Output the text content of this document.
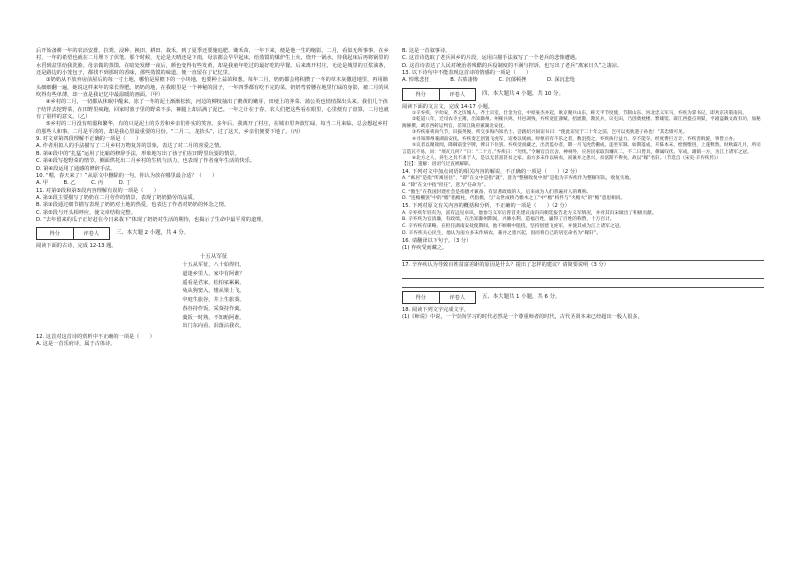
后开始备耕一年的农活安排，拉粪、浸种、换田、耕田、栽禾，到了夏季还要施追肥、锄禾苗，一年下来，便是他一生的缩影。二月，看似无所事事，在乡村，一年的希望也就在二月埋下了伏笔。那个时候，无论是天晴还是下雨，母亲都会早早起床，给蒸馍的煤炉生上火，烧开一锅水，待我起床后再将锅里的水舀到盆里给我洗脸。母亲做的蒸馍，在暗处发酵一夜后，颜色变得有些发黄，却是我童年吃过的最好吃的早餐。后来离开村庄，无论是城里的豆浆油条，还是路边的小笼包子，都找不到那时的香味，那些蒸馍的味道，便一直留在了记忆里。

③奶奶从不放弃房前屋后的每一寸土地，哪怕是屋檐下的一小块地，也要种上蒜苗和葱。每年二月，奶奶都会将积攒了一冬的草木灰撒进地里，再用锄头细细翻一遍，她说这样来年的菜长得肥。奶奶的地，在我眼里是一个神秘的园子，一年四季都有吃不完的菜。奶奶弯着腰在地里忙碌的身影，被二月的风吹得有些单薄，却一直是我记忆中最温暖的画面。（甲）

④乡村的二月，一切都从休眠中醒来。冻了一冬的泥土渐渐松软，河边的柳枝抽出了鹅黄的嫩芽，田埂上的荠菜、蒲公英也悄悄探出头来。我们几个孩子结伴去挖野菜，在田野里疯跑，回家时篮子里的野菜不多，裤腿上却沾满了泥巴。一年之计在于春，农人们把这些看在眼里，心里便有了盘算，二月也就有了别样的意义。（乙）

⑤乡村的二月没有喧嚣和繁华，有的只是泥土的芬芳和乡亲们朴实的笑容。多年后，我离开了村庄，在城市里奔波忙碌，每当二月来临，总会想起乡村的那些人和事。二月是平淡的，却是我心里最重要的月份。“二月二，龙抬头”，过了这天，乡亲们便要下地了。（丙）

9. 对文章第四段理解不正确的一项是（　　）

A. 作者用拟人的手法描写了二月乡村万物复苏的景象，表达了对二月的喜爱之情。

B. 第④段中的“扎猛”运用了比喻的修辞手法，形象地写出了孩子们在田野里玩耍的情景。

C. 第④段写挖野菜的情节，侧面烘托出二月乡村的生机与活力，也表现了作者童年生活的快乐。

D. 第④段运用了通感的修辞手法。

10. “嗯，春天来了！”从原文中删除的一句，你认为放在哪里最合适？（　　）

A. 甲　　　B. 乙　　　C. 丙　　　D. 丁

11. 对第③段和第⑤段内容理解有误的一项是（　　）

A. 第③段主要描写了奶奶在二月劳作的情景，表现了奶奶勤劳的品质。

B. 第③段通过细节描写表现了奶奶对土地的热爱，也表达了作者对奶奶的怀念之情。

C. 第⑤段与开头相呼应，使文章结构完整。

D. “去年留来的瓜子正好赶在今日来栽下”体现了奶奶对生活的期待，也揭示了生命中最平常的道理。

得分	评卷人	三、本大题 2 小题，共 4 分。

阅读下面的古诗，完成 12-13 题。

十五从军征
十五从军征，八十始得归。
道逢乡里人，家中有阿谁？
遥看是君家，松柏冢累累。
兔从狗窦入，雉从梁上飞。
中庭生旅谷，井上生旅葵。
舂谷持作饭，采葵持作羹。
羹饭一时熟，不知贻阿谁。
出门东向看，泪落沾我衣。

12. 这首对这首诗的赏析中不正确的一项是（　　）

A. 这是一首乐府诗，属于古体诗。

B. 这是一首叙事诗。

C. 这首诗选取了老兵回乡的片段，运用白描手法叙写了一个老兵的悲惨遭遇。

D. 这首诗表达了人民对统治者残酷的兵役制度的不满与控诉，也写出了老兵“离家日久”之凄凉。

13. 以下诗句中不能表现这首诗的情感的一项是（　　）

A. 悼歌悲狂　　　　B. 古墓凄惨　　　　C. 沉郁顿挫　　　　D. 深沉悲怆

得分	评卷人	四、本大题共 4 小题，共 10 分。

阅读下面的文言文，完成 14-17 小题。

①辛弃疾，字幼安，齐之历城人。齐土宗室，仕金为官，中原豪杰并起，耿京聚兵山东，称天平节度使，节制山东、河北忠义军马，弃疾为掌书记，即劝京决策南向。

②乾道八年，迁司农寺主簿，出知滁州。州罹兵烬，井邑凋残，弃疾宽征薄赋，招流散，教民兵，议屯田，乃创奠枕楼、繁雄馆。辟江西提点刑狱，平剧盗赖文政有功，加秘阁修撰。调京西转运判官，差知江陵府兼湖北安抚。

③弃疾豪爽尚气节，识拔英俊，所交多海内知名士。尝跋绍兴间诏书曰：“使此诏见于二十年之前，岂可以夷狄遗子孙也！”其忠愤可见。

④寻知潭州兼湖南安抚。弃疾奏乞创置飞虎军，诏委以规画。时枢府有不乐之者，数沮挠之，弃疾执行益力，卒不能夺。经度费巨万计，弃疾善斡旋，事皆立办。

⑤议者以聚敛闻，降御前金字牌，俾日下住罢。弃疾受而藏之，出责监办者，期一月飞虎营栅成，违坐军制。如期落成，开陈本末，绘图缴进，上遂释然。时秋霖几月，所司言造瓦不易，问：“须瓦几何？”曰：“二十万。”弃疾曰：“勿忧。”令厢官自官舍、神祠外，应居民家取沟𡑞瓦二，不二日皆具，僚属叹伏。军成，雄镇一方，为江上诸军之冠。

⑥北方之人，养生之具不求于人，是以无甚富甚贫之家。南方多末作以病农，而兼并之患兴，贫富斯不侔矣。故以“稼”名轩。（节选自《宋史·辛弃疾传》）

【注】：遗解：因语气过直被解职。

14. 下列对文中加点词语的相关内容的解说，不正确的一项是（　　）（2 分）

A. “寓居”是指“所寓居住”，“即”在文中是指“就”，意为“整顿收复中原”是指为辛弃疾作为整顿军队，收复失地。

B. “除”在文中指“担任”，意为“任命为”。

C. “傲生”在我国封建社会是指德才兼备、有显著政绩的人，后来成为人们普遍对人的尊称。

D. “连檐栅罢”中的“檐”指檐柱，代指檐，与“众世成桥乃檐木之工”中“檐”构件与“火檐火”的“檐”意思相同。

15. 下列对原文有关内容的概括和分析，不正确的一项是（　　）（2 分）

A. 辛弃疾年轻有为，富有远见卓识，他参与义军后曾首先建议南归向朝廷报告北方义军情况，并对其归宋做出了积极贡献。

B. 辛弃疾为官清廉，有政绩，在出知滁州期间，兴修水利，造福百姓，赢得了百姓的称赞，十万百计。

C. 辛弃疾有谋略，在担任湖南安抚使期间，他不顾朝中阻挠，坚持创建飞虎军，并使其成为江上诸军之冠。

D. 辛弃疾关心民生，他认为南方多末作病农，兼并之患兴起，因而将自己的居室命名为“稼轩”。

16. 请翻译以下句子。（3 分）

(1) 弃疾受而藏之。

17. 辛弃疾认为导致百姓贫富差距的原因是什么？提出了怎样的建议？请简要说明（3 分）

得分	评卷人	五、本大题共 1 小题，共 6 分。

18. 阅读下列文字完成文字。

(1)《师说》中说，一个崇尚学习的时代必然是一个尊重师者的时代，古代圣贤本来已经超出一般人很多，
